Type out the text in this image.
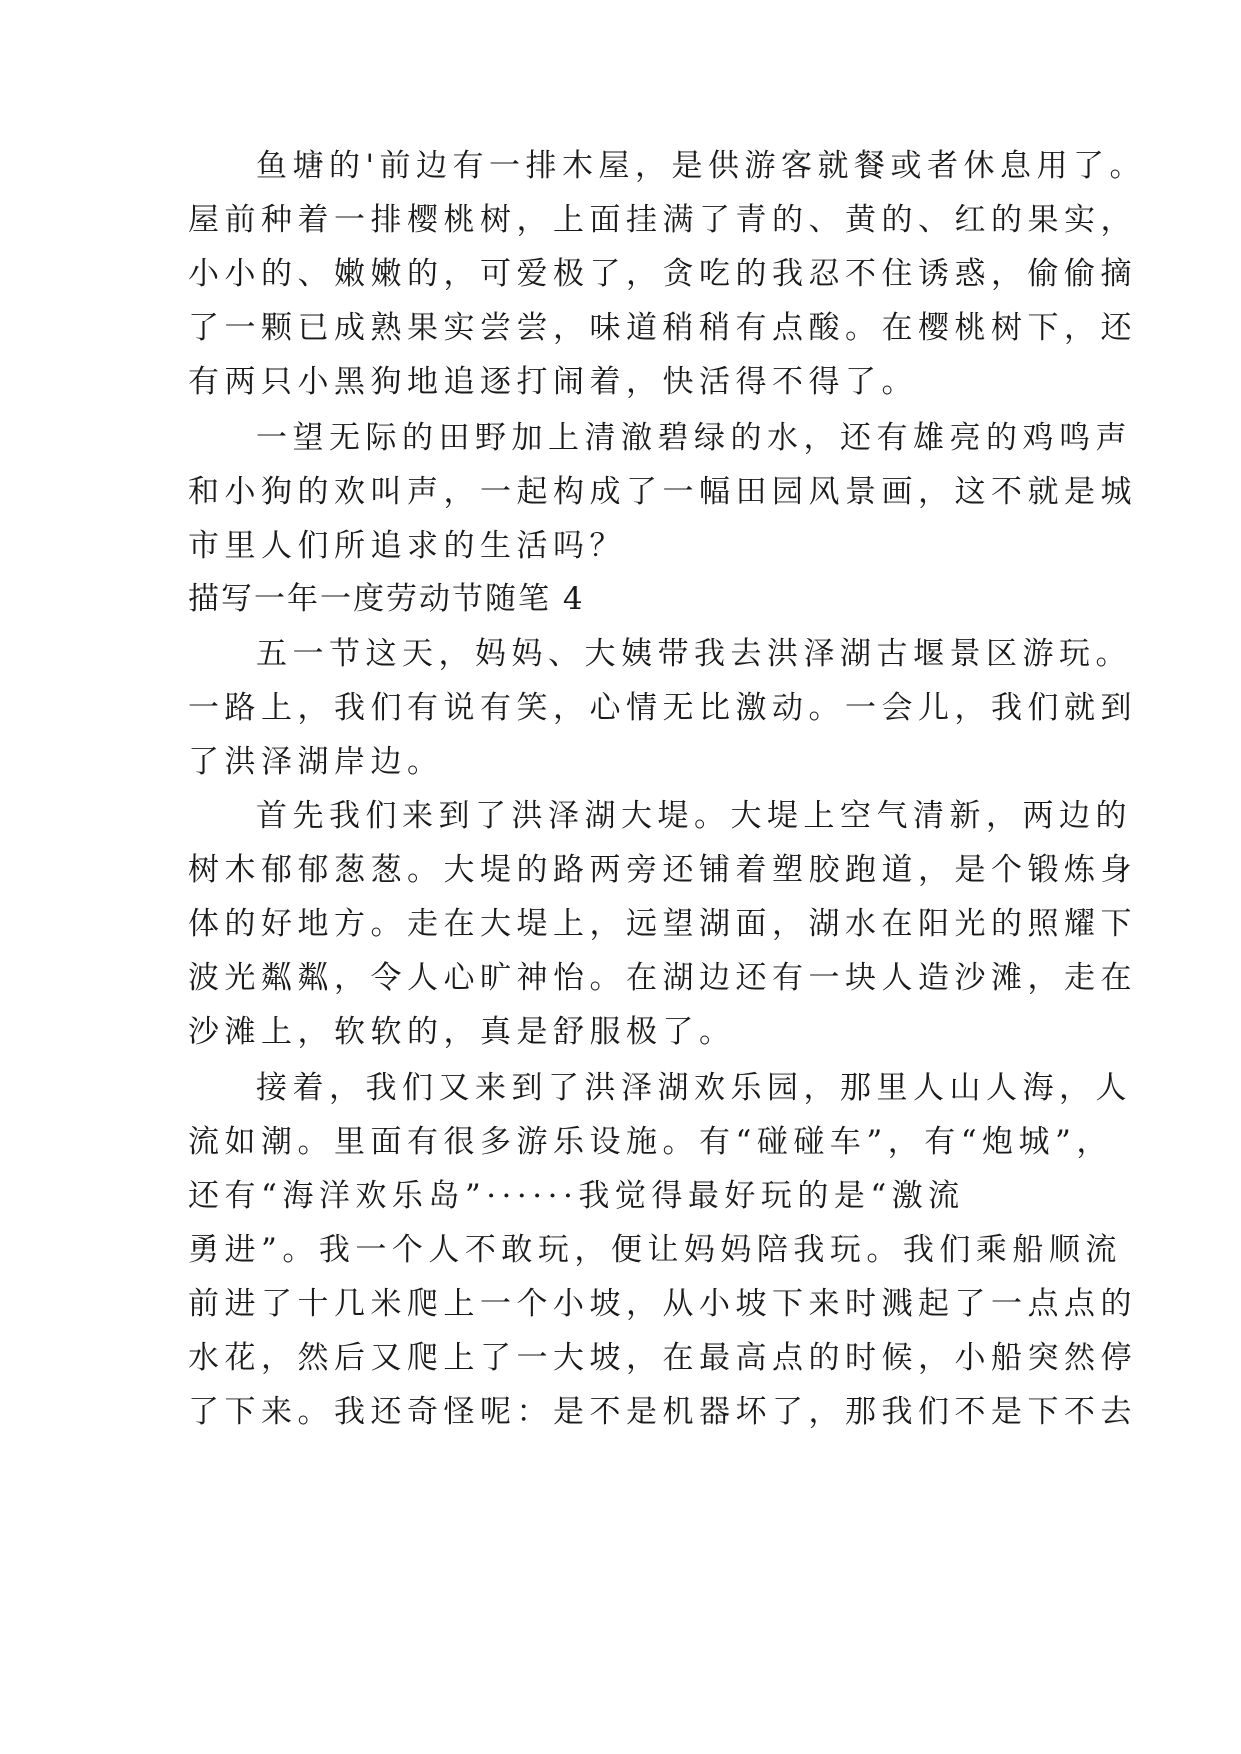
鱼塘的'前边有一排木屋，是供游客就餐或者休息用了。
屋前种着一排樱桃树，上面挂满了青的、黄的、红的果实，
小小的、嫩嫩的，可爱极了，贪吃的我忍不住诱惑，偷偷摘
了一颗已成熟果实尝尝，味道稍稍有点酸。在樱桃树下，还
有两只小黑狗地追逐打闹着，快活得不得了。
一望无际的田野加上清澈碧绿的水，还有雄亮的鸡鸣声
和小狗的欢叫声，一起构成了一幅田园风景画，这不就是城
市里人们所追求的生活吗？
描写一年一度劳动节随笔 4
五一节这天，妈妈、大姨带我去洪泽湖古堰景区游玩。
一路上，我们有说有笑，心情无比激动。一会儿，我们就到
了洪泽湖岸边。
首先我们来到了洪泽湖大堤。大堤上空气清新，两边的
树木郁郁葱葱。大堤的路两旁还铺着塑胶跑道，是个锻炼身
体的好地方。走在大堤上，远望湖面，湖水在阳光的照耀下
波光粼粼，令人心旷神怡。在湖边还有一块人造沙滩，走在
沙滩上，软软的，真是舒服极了。
接着，我们又来到了洪泽湖欢乐园，那里人山人海，人
流如潮。里面有很多游乐设施。有“碰碰车”，有“炮城”，
还有“海洋欢乐岛”······我觉得最好玩的是“激流
勇进”。我一个人不敢玩，便让妈妈陪我玩。我们乘船顺流
前进了十几米爬上一个小坡，从小坡下来时溅起了一点点的
水花，然后又爬上了一大坡，在最高点的时候，小船突然停
了下来。我还奇怪呢：是不是机器坏了，那我们不是下不去
